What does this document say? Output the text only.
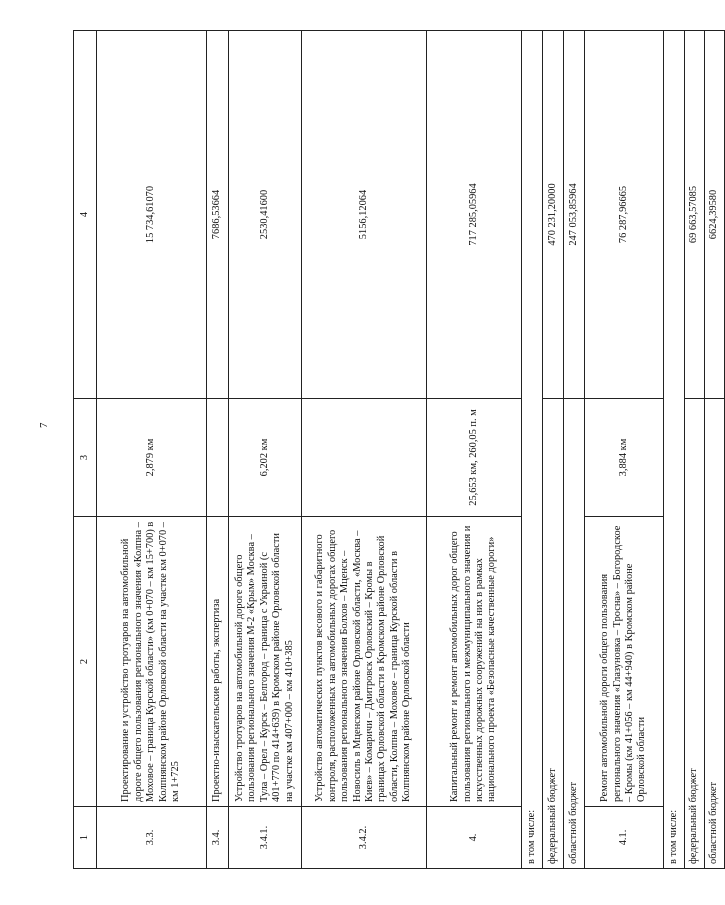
7
1	2	3	4
3.3.	Проектирование и устройство тротуаров на автомобильной дороге общего пользования регионального значения «Колпна – Моховое – граница Курской области» (км 0+070 – км 15+700) в Колпнянском районе Орловской области на участке км 0+070 – км 1+725	2,879 км	15 734,61070
3.4.	Проектно-изыскательские работы, экспертиза		7686,53664
3.4.1.	Устройство тротуаров на автомобильной дороге общего пользования регионального значения М-2 «Крым» Москва – Тула – Орел – Курск – Белгород – граница с Украиной (с 401+770 по 414+639) в Кромском районе Орловской области на участке км 407+000 – км 410+385	6,202 км	2530,41600
3.4.2.	Устройство автоматических пунктов весового и габаритного контроля, расположенных на автомобильных дорогах общего пользования регионального значения Болхов – Мценск – Новосиль в Мценском районе Орловской области, «Москва – Киев» – Комаричи – Дмитровск Орловский – Кромы в границах Орловской области в Кромском районе Орловской области, Колпна – Моховое – граница Курской области в Колпнянском районе Орловской области		5156,12064
4.	Капитальный ремонт и ремонт автомобильных дорог общего пользования регионального и межмуниципального значения и искусственных дорожных сооружений на них в рамках национального проекта «Безопасные качественные дороги»	25,653 км, 260,05 п. м	717 285,05964
в том числе:			
федеральный бюджет			470 231,20000
областной бюджет			247 053,85964
4.1.	Ремонт автомобильной дороги общего пользования регионального значения «Глазуновка – Тросна» – Богородское – Кромы (км 41+056 – км 44+940) в Кромском районе Орловской области	3,884 км	76 287,96665
в том числе:			
федеральный бюджет			69 663,57085
областной бюджет			6624,39580
